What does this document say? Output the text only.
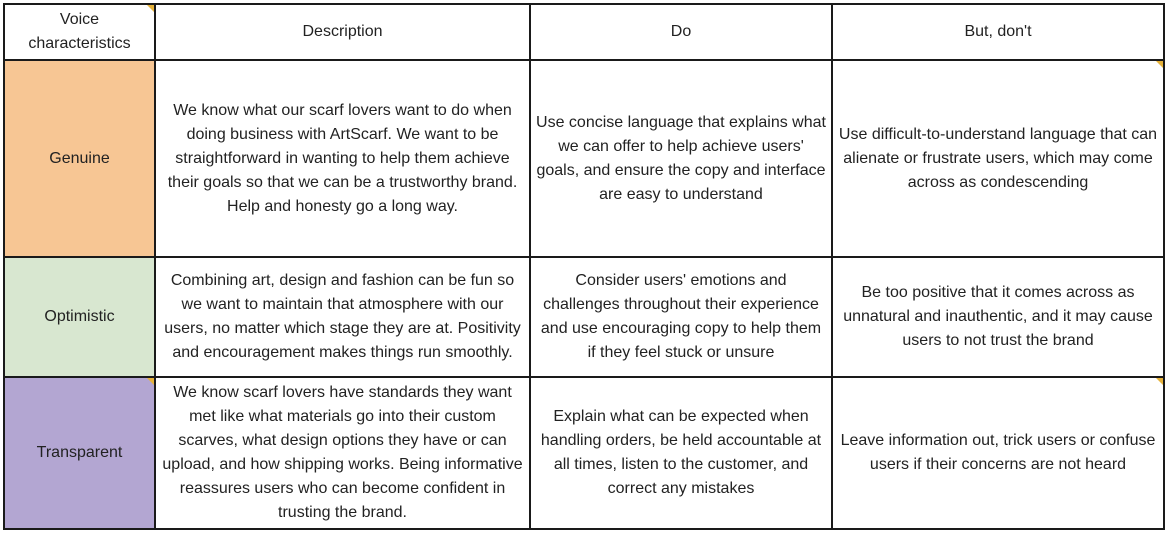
Voice characteristics	Description	Do	But, don't

Genuine	We know what our scarf lovers want to do when doing business with ArtScarf. We want to be straightforward in wanting to help them achieve their goals so that we can be a trustworthy brand. Help and honesty go a long way.	Use concise language that explains what we can offer to help achieve users' goals, and ensure the copy and interface are easy to understand	Use difficult-to-understand language that can alienate or frustrate users, which may come across as condescending

Optimistic	Combining art, design and fashion can be fun so we want to maintain that atmosphere with our users, no matter which stage they are at. Positivity and encouragement makes things run smoothly.	Consider users' emotions and challenges throughout their experience and use encouraging copy to help them if they feel stuck or unsure	Be too positive that it comes across as unnatural and inauthentic, and it may cause users to not trust the brand

Transparent	We know scarf lovers have standards they want met like what materials go into their custom scarves, what design options they have or can upload, and how shipping works. Being informative reassures users who can become confident in trusting the brand.	Explain what can be expected when handling orders, be held accountable at all times, listen to the customer, and correct any mistakes	Leave information out, trick users or confuse users if their concerns are not heard
